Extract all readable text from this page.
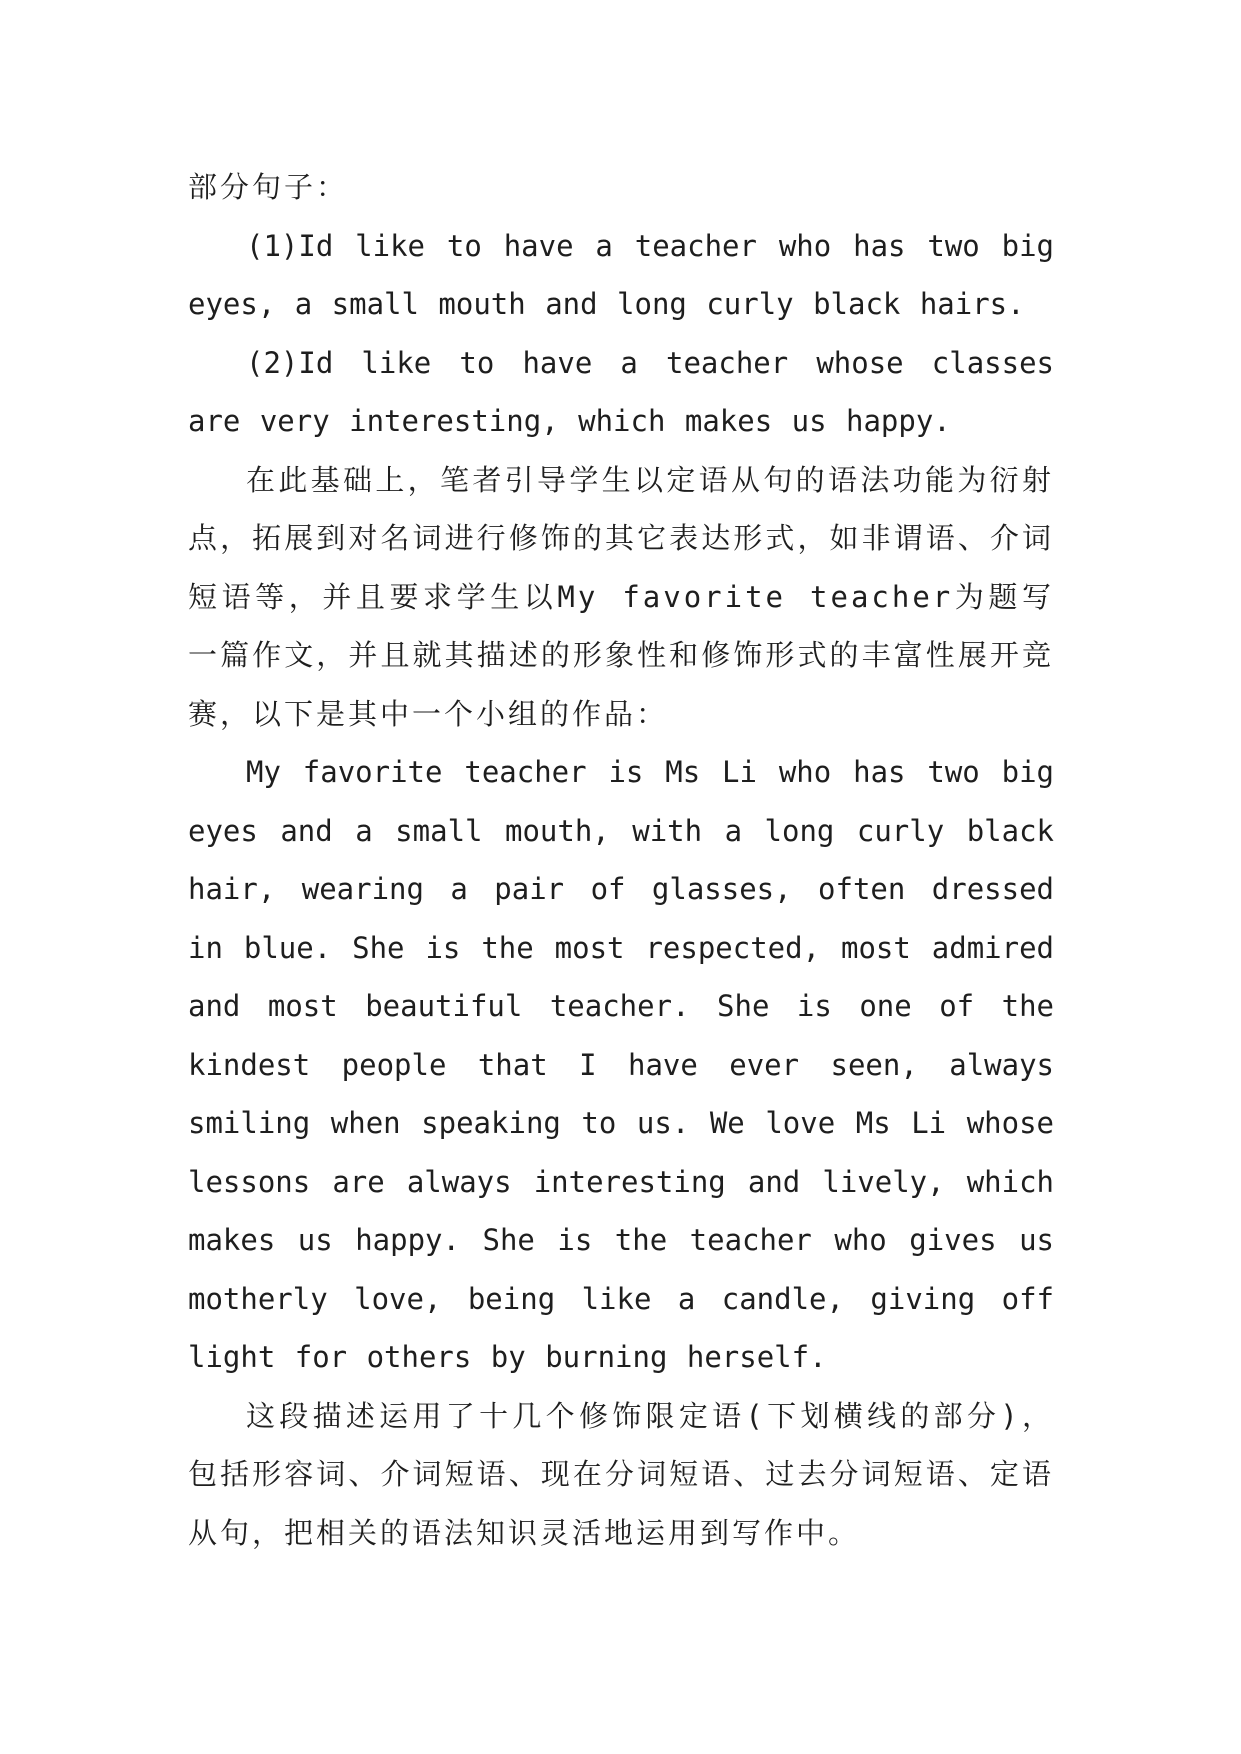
部分句子：

(1)Id like to have a teacher who has two big eyes, a small mouth and long curly black hairs.

(2)Id like to have a teacher whose classes are very interesting, which makes us happy.

在此基础上，笔者引导学生以定语从句的语法功能为衍射点，拓展到对名词进行修饰的其它表达形式，如非谓语、介词短语等，并且要求学生以My favorite teacher为题写一篇作文，并且就其描述的形象性和修饰形式的丰富性展开竞赛，以下是其中一个小组的作品：

My favorite teacher is Ms Li who has two big eyes and a small mouth, with a long curly black hair, wearing a pair of glasses, often dressed in blue. She is the most respected, most admired and most beautiful teacher. She is one of the kindest people that I have ever seen, always smiling when speaking to us. We love Ms Li whose lessons are always interesting and lively, which makes us happy. She is the teacher who gives us motherly love, being like a candle, giving off light for others by burning herself.

这段描述运用了十几个修饰限定语(下划横线的部分)，包括形容词、介词短语、现在分词短语、过去分词短语、定语从句，把相关的语法知识灵活地运用到写作中。
